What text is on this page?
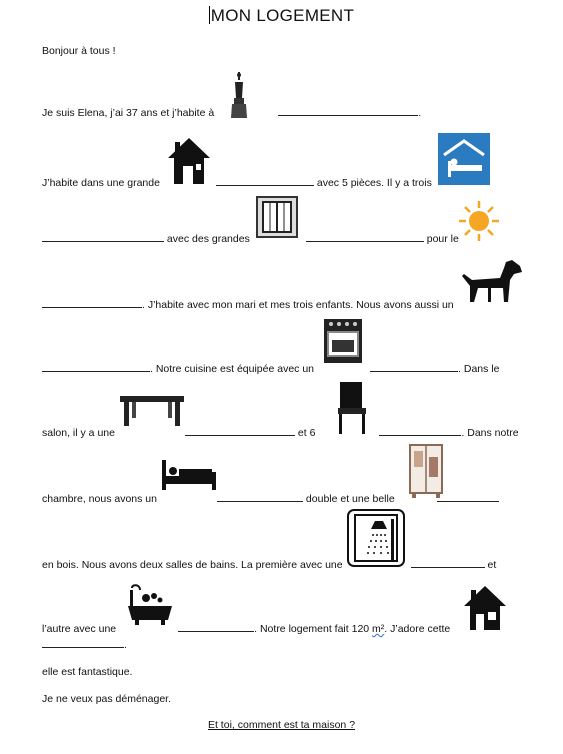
MON LOGEMENT
Bonjour à tous !
Je suis Elena, j’ai 37 ans et j’habite à	.
J’habite dans une grande	avec 5 pièces. Il y a trois
avec des grandes	pour le
. J’habite avec mon mari et mes trois enfants. Nous avons aussi un
. Notre cuisine est équipée avec un	. Dans le
salon, il y a une	et 6	. Dans notre
chambre, nous avons un	double et une belle
en bois. Nous avons deux salles de bains. La première avec une	et
l’autre avec une	. Notre logement fait 120 m². J’adore cette
.
elle est fantastique.
Je ne veux pas déménager.
Et toi, comment est ta maison ?
